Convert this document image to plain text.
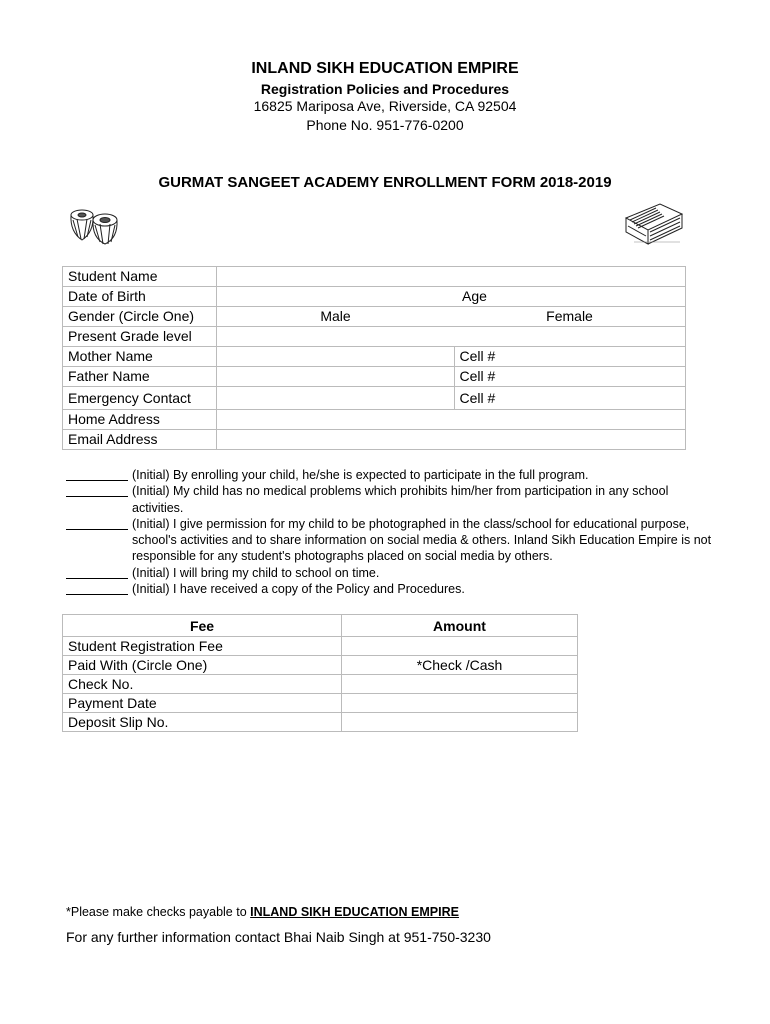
INLAND SIKH EDUCATION EMPIRE
Registration Policies and Procedures
16825 Mariposa Ave, Riverside, CA 92504
Phone No. 951-776-0200
GURMAT SANGEET ACADEMY ENROLLMENT FORM 2018-2019
Student Name		
Date of Birth		Age
Gender (Circle One)	Male	Female
Present Grade level		
Mother Name		Cell #
Father Name		Cell #
Emergency Contact		Cell #
Home Address		
Email Address		
(Initial) By enrolling your child, he/she is expected to participate in the full program.
(Initial) My child has no medical problems which prohibits him/her from participation in any school activities.
(Initial) I give permission for my child to be photographed in the class/school for educational purpose, school's activities and to share information on social media & others. Inland Sikh Education Empire is not responsible for any student's photographs placed on social media by others.
(Initial) I will bring my child to school on time.
(Initial) I have received a copy of the Policy and Procedures.
Fee	Amount
Student Registration Fee	
Paid With (Circle One)	*Check /Cash
Check No.	
Payment Date	
Deposit Slip No.	
*Please make checks payable to INLAND SIKH EDUCATION EMPIRE
For any further information contact Bhai Naib Singh at 951-750-3230
